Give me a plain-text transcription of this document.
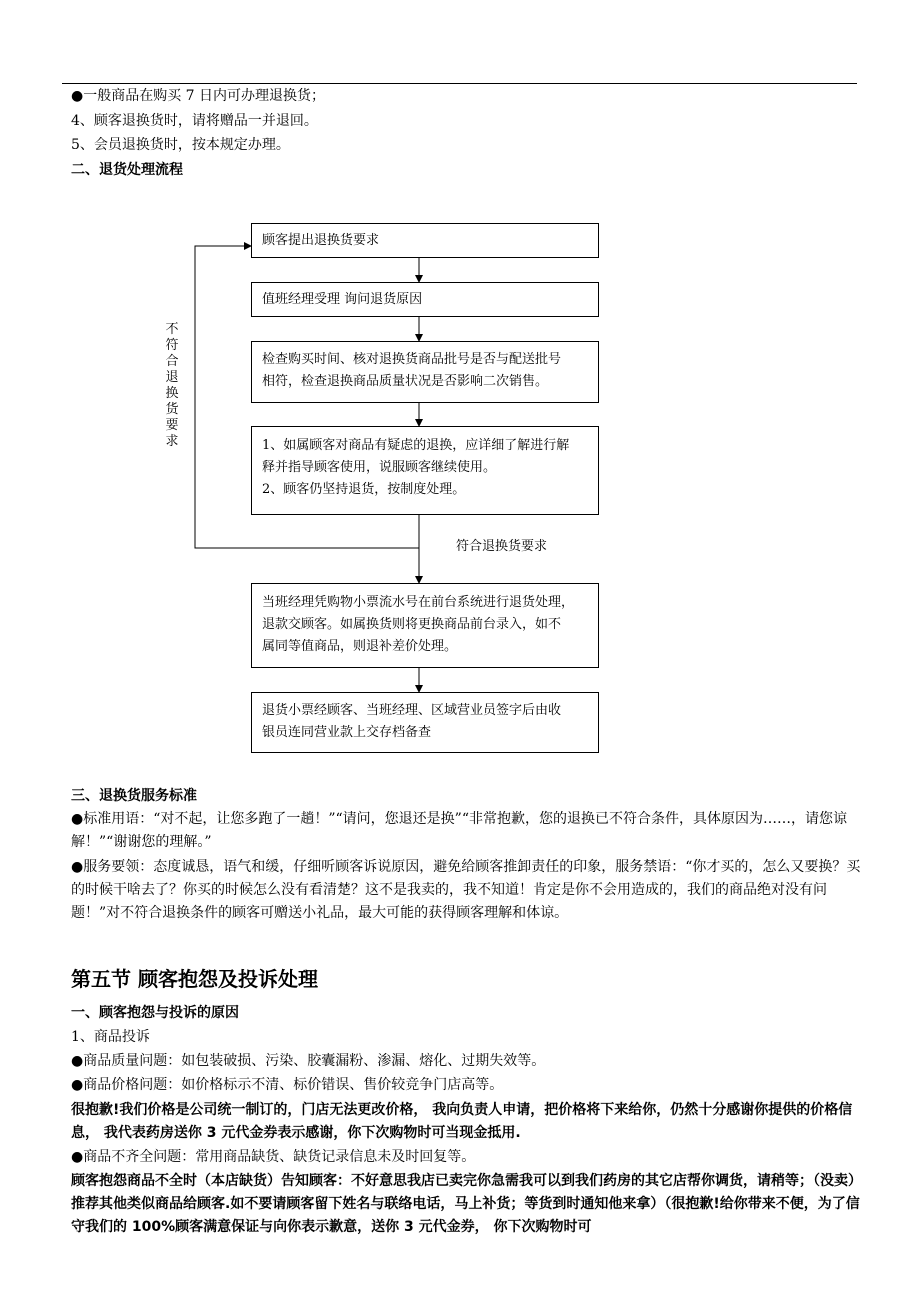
●一般商品在购买 7 日内可办理退换货；
4、顾客退换货时，请将赠品一并退回。
5、会员退换货时，按本规定办理。
二、退货处理流程
顾客提出退换货要求
值班经理受理 询问退货原因
检查购买时间、核对退换货商品批号是否与配送批号
相符，检查退换商品质量状况是否影响二次销售。
1、如属顾客对商品有疑虑的退换，应详细了解进行解
释并指导顾客使用，说服顾客继续使用。
2、顾客仍坚持退货，按制度处理。
当班经理凭购物小票流水号在前台系统进行退货处理，
退款交顾客。如属换货则将更换商品前台录入，如不
属同等值商品，则退补差价处理。
退货小票经顾客、当班经理、区域营业员签字后由收
银员连同营业款上交存档备查
不符合退换货要求
符合退换货要求
三、退换货服务标准
●标准用语：“对不起，让您多跑了一趟！”“请问，您退还是换”“非常抱歉，您的退换已不符合条件，具体原因为……，请您谅解！”“谢谢您的理解。”
●服务要领：态度诚恳，语气和缓，仔细听顾客诉说原因，避免给顾客推卸责任的印象，服务禁语：“你才买的，怎么又要换？买的时候干啥去了？你买的时候怎么没有看清楚？这不是我卖的，我不知道！肯定是你不会用造成的，我们的商品绝对没有问题！”对不符合退换条件的顾客可赠送小礼品，最大可能的获得顾客理解和体谅。
第五节 顾客抱怨及投诉处理
一、顾客抱怨与投诉的原因
1、商品投诉
●商品质量问题：如包装破损、污染、胶囊漏粉、渗漏、熔化、过期失效等。
●商品价格问题：如价格标示不清、标价错误、售价较竞争门店高等。
很抱歉!我们价格是公司统一制订的，门店无法更改价格， 我向负责人申请，把价格将下来给你，仍然十分感谢你提供的价格信息， 我代表药房送你 3 元代金券表示感谢，你下次购物时可当现金抵用.
●商品不齐全问题：常用商品缺货、缺货记录信息未及时回复等。
顾客抱怨商品不全时（本店缺货）告知顾客：不好意思我店已卖完你急需我可以到我们药房的其它店帮你调货，请稍等；（没卖）推荐其他类似商品给顾客.如不要请顾客留下姓名与联络电话，马上补货；等货到时通知他来拿）（很抱歉!给你带来不便，为了信守我们的 100%顾客满意保证与向你表示歉意，送你 3 元代金券， 你下次购物时可
